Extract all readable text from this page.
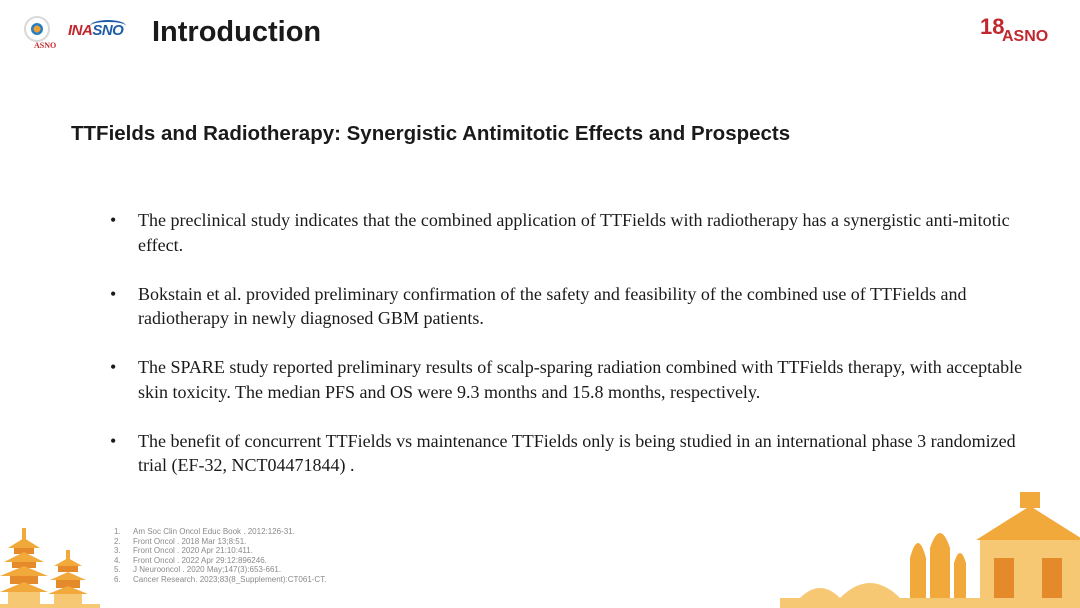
ASNO
INASNO Introduction	18
ASNO
TTFields and Radiotherapy: Synergistic Antimitotic Effects and Prospects
• The preclinical study indicates that the combined application of TTFields with radiotherapy has a synergistic anti-mitotic effect.
• Bokstain et al. provided preliminary confirmation of the safety and feasibility of the combined use of TTFields and radiotherapy in newly diagnosed GBM patients.
• The SPARE study reported preliminary results of scalp-sparing radiation combined with TTFields therapy, with acceptable skin toxicity. The median PFS and OS were 9.3 months and 15.8 months, respectively.
• The benefit of concurrent TTFields vs maintenance TTFields only is being studied in an international phase 3 randomized trial (EF-32, NCT04471844) .
1.	Am Soc Clin Oncol Educ Book . 2012:126-31.
2.	Front Oncol . 2018 Mar 13;8:51.
3.	Front Oncol . 2020 Apr 21:10:411.
4.	Front Oncol . 2022 Apr 29:12:896246.
5.	J Neurooncol . 2020 May;147(3):653-661.
6.	Cancer Research. 2023;83(8_Supplement):CT061-CT.
